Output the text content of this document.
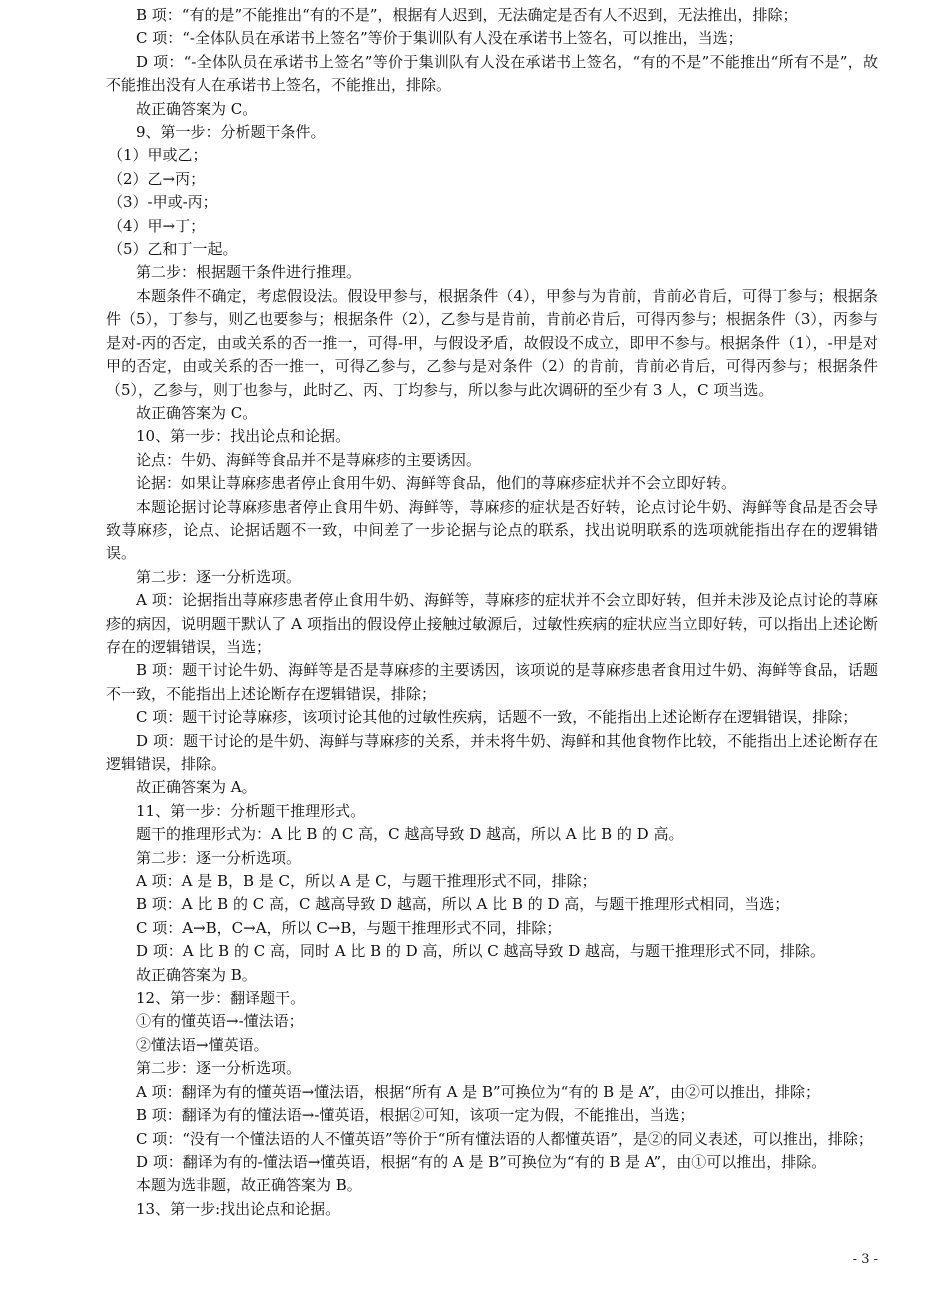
B 项：“有的是”不能推出“有的不是”，根据有人迟到，无法确定是否有人不迟到，无法推出，排除；

C 项：“-全体队员在承诺书上签名”等价于集训队有人没在承诺书上签名，可以推出，当选；

D 项：“-全体队员在承诺书上签名”等价于集训队有人没在承诺书上签名，“有的不是”不能推出“所有不是”，故不能推出没有人在承诺书上签名，不能推出，排除。

故正确答案为 C。

9、第一步：分析题干条件。

（1）甲或乙；

（2）乙→丙；

（3）-甲或-丙；

（4）甲→丁；

（5）乙和丁一起。

第二步：根据题干条件进行推理。

本题条件不确定，考虑假设法。假设甲参与，根据条件（4），甲参与为肯前，肯前必肯后，可得丁参与；根据条件（5），丁参与，则乙也要参与；根据条件（2），乙参与是肯前，肯前必肯后，可得丙参与；根据条件（3），丙参与是对-丙的否定，由或关系的否一推一，可得-甲，与假设矛盾，故假设不成立，即甲不参与。根据条件（1），-甲是对甲的否定，由或关系的否一推一，可得乙参与，乙参与是对条件（2）的肯前，肯前必肯后，可得丙参与；根据条件（5），乙参与，则丁也参与，此时乙、丙、丁均参与，所以参与此次调研的至少有 3 人，C 项当选。

故正确答案为 C。

10、第一步：找出论点和论据。

论点：牛奶、海鲜等食品并不是荨麻疹的主要诱因。

论据：如果让荨麻疹患者停止食用牛奶、海鲜等食品，他们的荨麻疹症状并不会立即好转。

本题论据讨论荨麻疹患者停止食用牛奶、海鲜等，荨麻疹的症状是否好转，论点讨论牛奶、海鲜等食品是否会导致荨麻疹，论点、论据话题不一致，中间差了一步论据与论点的联系，找出说明联系的选项就能指出存在的逻辑错误。

第二步：逐一分析选项。

A 项：论据指出荨麻疹患者停止食用牛奶、海鲜等，荨麻疹的症状并不会立即好转，但并未涉及论点讨论的荨麻疹的病因，说明题干默认了 A 项指出的假设停止接触过敏源后，过敏性疾病的症状应当立即好转，可以指出上述论断存在的逻辑错误，当选；

B 项：题干讨论牛奶、海鲜等是否是荨麻疹的主要诱因，该项说的是荨麻疹患者食用过牛奶、海鲜等食品，话题不一致，不能指出上述论断存在逻辑错误，排除；

C 项：题干讨论荨麻疹，该项讨论其他的过敏性疾病，话题不一致，不能指出上述论断存在逻辑错误，排除；

D 项：题干讨论的是牛奶、海鲜与荨麻疹的关系，并未将牛奶、海鲜和其他食物作比较，不能指出上述论断存在逻辑错误，排除。

故正确答案为 A。

11、第一步：分析题干推理形式。

题干的推理形式为：A 比 B 的 C 高，C 越高导致 D 越高，所以 A 比 B 的 D 高。

第二步：逐一分析选项。

A 项：A 是 B，B 是 C，所以 A 是 C，与题干推理形式不同，排除；

B 项：A 比 B 的 C 高，C 越高导致 D 越高，所以 A 比 B 的 D 高，与题干推理形式相同，当选；

C 项：A→B，C→A，所以 C→B，与题干推理形式不同，排除；

D 项：A 比 B 的 C 高，同时 A 比 B 的 D 高，所以 C 越高导致 D 越高，与题干推理形式不同，排除。

故正确答案为 B。

12、第一步：翻译题干。

①有的懂英语→-懂法语；

②懂法语→懂英语。

第二步：逐一分析选项。

A 项：翻译为有的懂英语→懂法语，根据“所有 A 是 B”可换位为“有的 B 是 A”，由②可以推出，排除；

B 项：翻译为有的懂法语→-懂英语，根据②可知，该项一定为假，不能推出，当选；

C 项：“没有一个懂法语的人不懂英语”等价于“所有懂法语的人都懂英语”，是②的同义表述，可以推出，排除；

D 项：翻译为有的-懂法语→懂英语，根据“有的 A 是 B”可换位为“有的 B 是 A”，由①可以推出，排除。

本题为选非题，故正确答案为 B。

13、第一步:找出论点和论据。

- 3 -
